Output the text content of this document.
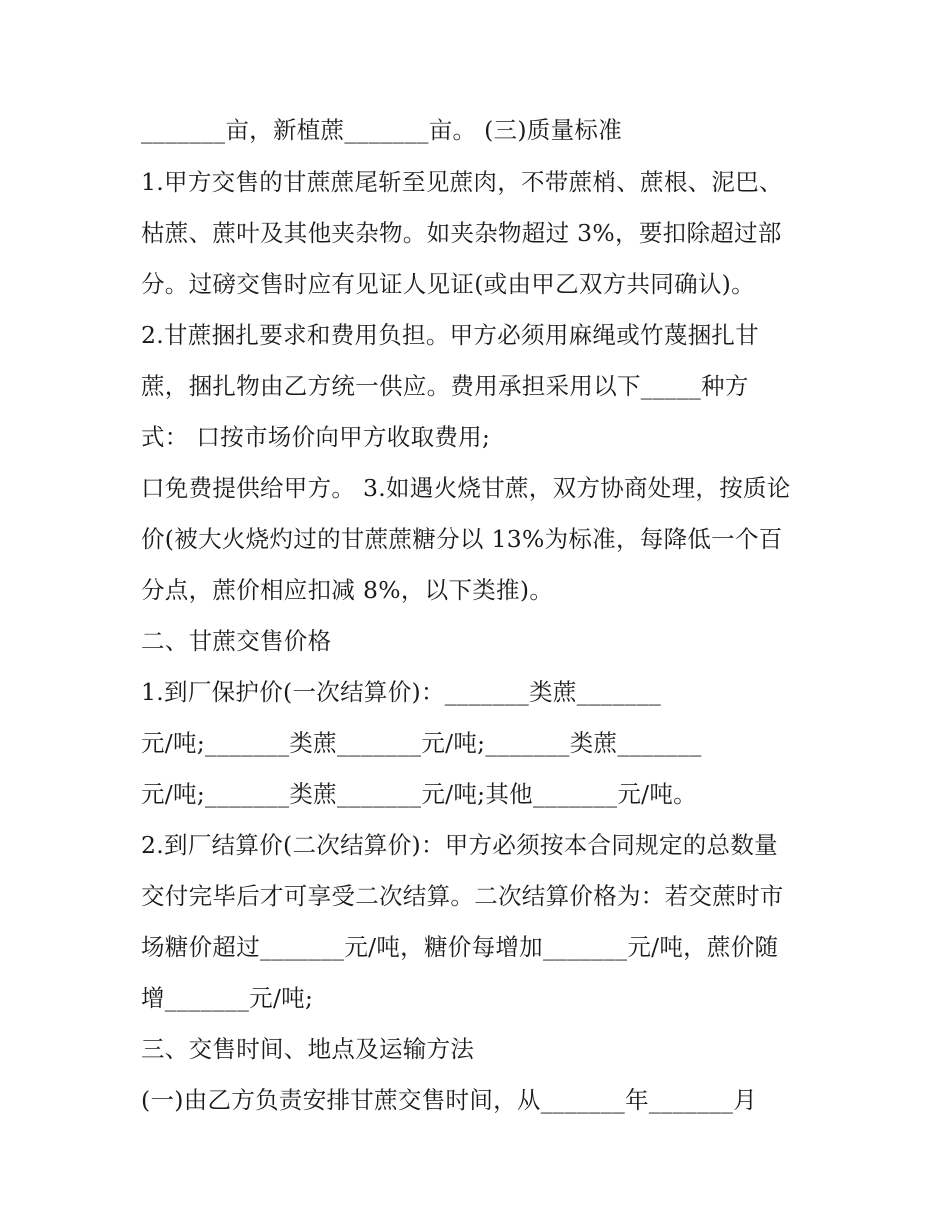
_______亩，新植蔗_______亩。 (三)质量标准
1.甲方交售的甘蔗蔗尾斩至见蔗肉，不带蔗梢、蔗根、泥巴、
枯蔗、蔗叶及其他夹杂物。如夹杂物超过 3%，要扣除超过部
分。过磅交售时应有见证人见证(或由甲乙双方共同确认)。
2.甘蔗捆扎要求和费用负担。甲方必须用麻绳或竹蔑捆扎甘
蔗，捆扎物由乙方统一供应。费用承担采用以下_____种方
式： 口按市场价向甲方收取费用;
口免费提供给甲方。 3.如遇火烧甘蔗，双方协商处理，按质论
价(被大火烧灼过的甘蔗蔗糖分以 13%为标准，每降低一个百
分点，蔗价相应扣减 8%，以下类推)。
二、甘蔗交售价格
1.到厂保护价(一次结算价)：_______类蔗_______
元/吨;_______类蔗_______元/吨;_______类蔗_______
元/吨;_______类蔗_______元/吨;其他_______元/吨。
2.到厂结算价(二次结算价)：甲方必须按本合同规定的总数量
交付完毕后才可享受二次结算。二次结算价格为：若交蔗时市
场糖价超过_______元/吨，糖价每增加_______元/吨，蔗价随
增_______元/吨;
三、交售时间、地点及运输方法
(一)由乙方负责安排甘蔗交售时间，从_______年_______月
